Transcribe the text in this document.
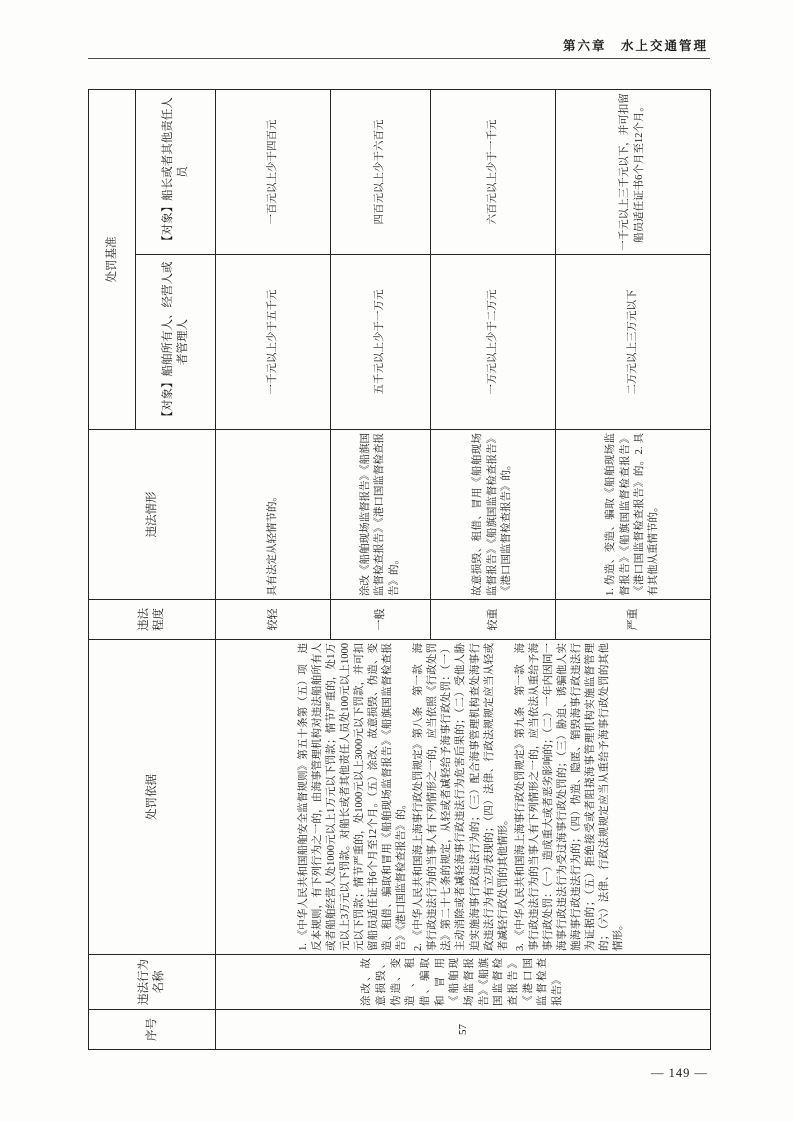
第六章　水上交通管理
序号	违法行为名称	处罚依据	违法程度	违法情形	处罚基准	
					【对象】船舶所有人、经营人或者管理人	【对象】船长或者其他责任人员
57	涂改、故意损毁、伪造、变造、租借、骗取和冒用《船舶现场监督报告》《船旗国监督检查报告》《港口国监督检查报告》	1. 《中华人民共和国船舶安全监督规则》第五十条第（五）项　违反本规则，有下列行为之一的，由海事管理机构对违法船舶所有人或者船舶经营人处1000元以上1万元以下罚款；情节严重的，处1万元以上3万元以下罚款。对船长或者其他责任人员处100元以上1000元以下罚款；情节严重的，处1000元以上3000元以下罚款，并可扣留船员适任证书6个月至12个月。（五）涂改、故意损毁、伪造、变造、租借、骗取和冒用《船舶现场监督报告》《船旗国监督检查报告》《港口国监督检查报告》的。 2. 《中华人民共和国海上海事行政处罚规定》第八条　第一款　海事行政违法行为的当事人有下列情形之一的，应当依照《行政处罚法》第二十七条的规定，从轻或者减轻给予海事行政处罚：（一）主动消除或者减轻海事行政违法行为危害后果的；（二）受他人胁迫实施海事行政违法行为的；（三）配合海事管理机构查处海事行政违法行为有立功表现的；（四）法律、行政法规规定应当从轻或者减轻行政处罚的其他情形。 3. 《中华人民共和国海上海事行政处罚规定》第九条　第一款　海事行政违法行为的当事人有下列情形之一的，应当依法从重给予海事行政处罚：（一）造成重大或者恶劣影响的；（二）一年内因同一海事行政违法行为受过海事行政处罚的；（三）胁迫、诱骗他人实施海事行政违法行为的；（四）伪造、隐匿、销毁海事行政违法行为证据的；（五）拒绝接受或者阻挠海事管理机构实施监督管理的；（六）法律、行政法规规定应当从重给予海事行政处罚的其他情形。	较轻	具有法定从轻情节的。	一千元以上少于五千元	一百元以上少于四百元
			一般	涂改《船舶现场监督报告》《船旗国监督检查报告》《港口国监督检查报告》的。	五千元以上少于一万元	四百元以上少于六百元
			较重	故意损毁、租借、冒用《船舶现场监督报告》《船旗国监督检查报告》《港口国监督检查报告》的。	一万元以上少于二万元	六百元以上少于一千元
			严重	1. 伪造、变造、骗取《船舶现场监督报告》《船旗国监督检查报告》《港口国监督检查报告》的。2. 具有其他从重情节的。	二万元以上三万元以下	一千元以上三千元以下，并可扣留船员适任证书6个月至12个月。
— 149 —
